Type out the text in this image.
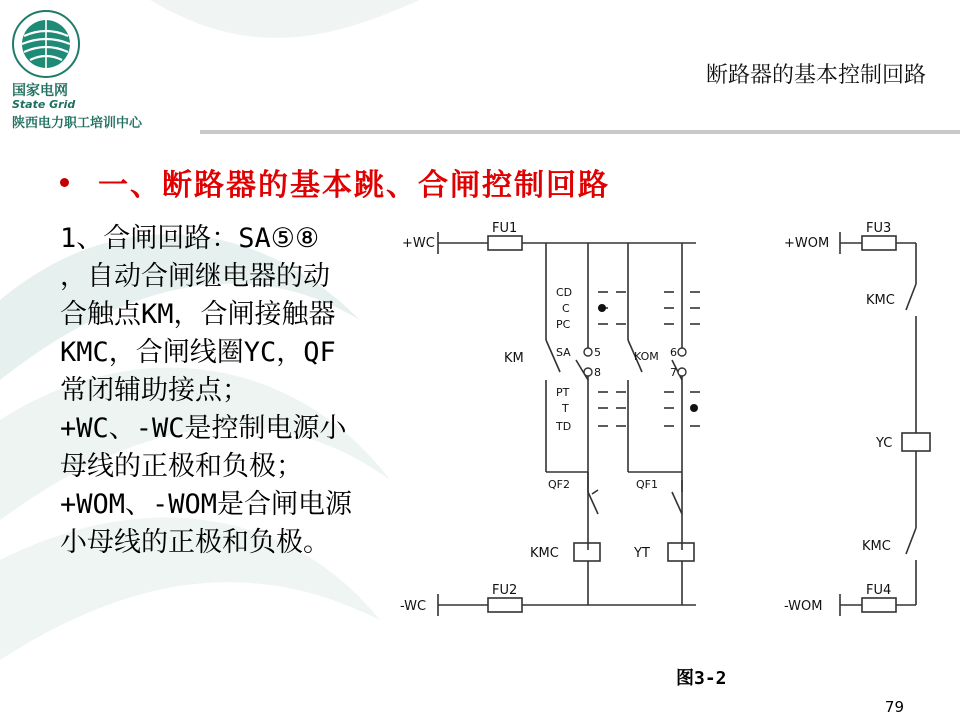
国家电网
State Grid
陕西电力职工培训中心
断路器的基本控制回路
一、断路器的基本跳、合闸控制回路
1、合闸回路：SA⑤⑧
，自动合闸继电器的动
合触点KM，合闸接触器
KMC，合闸线圈YC，QF
常闭辅助接点；
+WC、-WC是控制电源小
母线的正极和负极；
+WOM、-WOM是合闸电源
小母线的正极和负极。
+WC
-WC
FU1
FU2
KM	SA	KOM
CD
C
PC
PT
T
TD
5
8
6
7
QF2	QF1
KMC	YT
+WOM
-WOM
FU3
FU4
KMC
YC
KMC
图3-2
79
